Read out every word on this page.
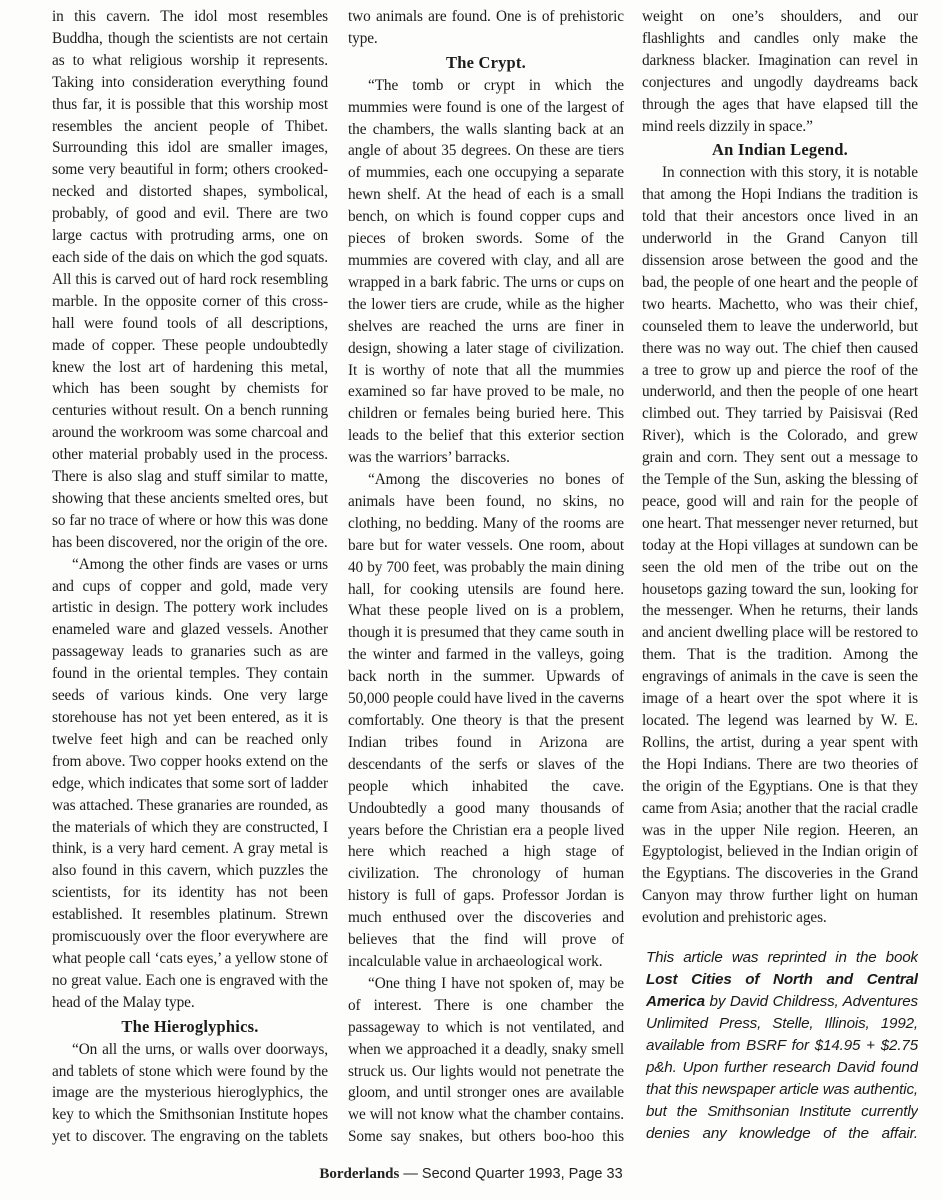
in this cavern. The idol most resembles Buddha, though the scientists are not certain as to what religious worship it represents. Taking into consideration everything found thus far, it is possible that this worship most resembles the ancient people of Thibet. Surrounding this idol are smaller images, some very beautiful in form; others crooked-necked and distorted shapes, symbolical, probably, of good and evil. There are two large cactus with protruding arms, one on each side of the dais on which the god squats. All this is carved out of hard rock resembling marble. In the opposite corner of this cross-hall were found tools of all descriptions, made of copper. These people undoubtedly knew the lost art of hardening this metal, which has been sought by chemists for centuries without result. On a bench running around the workroom was some charcoal and other material probably used in the process. There is also slag and stuff similar to matte, showing that these ancients smelted ores, but so far no trace of where or how this was done has been discovered, nor the origin of the ore.

“Among the other finds are vases or urns and cups of copper and gold, made very artistic in design. The pottery work includes enameled ware and glazed vessels. Another passageway leads to granaries such as are found in the oriental temples. They contain seeds of various kinds. One very large storehouse has not yet been entered, as it is twelve feet high and can be reached only from above. Two copper hooks extend on the edge, which indicates that some sort of ladder was attached. These granaries are rounded, as the materials of which they are constructed, I think, is a very hard cement. A gray metal is also found in this cavern, which puzzles the scientists, for its identity has not been established. It resembles platinum. Strewn promiscuously over the floor everywhere are what people call ‘cats eyes,’ a yellow stone of no great value. Each one is engraved with the head of the Malay type.

The Hieroglyphics.

“On all the urns, or walls over doorways, and tablets of stone which were found by the image are the mysterious hieroglyphics, the key to which the Smithsonian Institute hopes yet to discover. The engraving on the tablets

two animals are found. One is of prehistoric type.

The Crypt.

“The tomb or crypt in which the mummies were found is one of the largest of the chambers, the walls slanting back at an angle of about 35 degrees. On these are tiers of mummies, each one occupying a separate hewn shelf. At the head of each is a small bench, on which is found copper cups and pieces of broken swords. Some of the mummies are covered with clay, and all are wrapped in a bark fabric. The urns or cups on the lower tiers are crude, while as the higher shelves are reached the urns are finer in design, showing a later stage of civilization. It is worthy of note that all the mummies examined so far have proved to be male, no children or females being buried here. This leads to the belief that this exterior section was the warriors’ barracks.

“Among the discoveries no bones of animals have been found, no skins, no clothing, no bedding. Many of the rooms are bare but for water vessels. One room, about 40 by 700 feet, was probably the main dining hall, for cooking utensils are found here. What these people lived on is a problem, though it is presumed that they came south in the winter and farmed in the valleys, going back north in the summer. Upwards of 50,000 people could have lived in the caverns comfortably. One theory is that the present Indian tribes found in Arizona are descendants of the serfs or slaves of the people which inhabited the cave. Undoubtedly a good many thousands of years before the Christian era a people lived here which reached a high stage of civilization. The chronology of human history is full of gaps. Professor Jordan is much enthused over the discoveries and believes that the find will prove of incalculable value in archaeological work.

“One thing I have not spoken of, may be of interest. There is one chamber the passageway to which is not ventilated, and when we approached it a deadly, snaky smell struck us. Our lights would not penetrate the gloom, and until stronger ones are available we will not know what the chamber contains. Some say snakes, but others boo-hoo this

weight on one’s shoulders, and our flashlights and candles only make the darkness blacker. Imagination can revel in conjectures and ungodly daydreams back through the ages that have elapsed till the mind reels dizzily in space.”

An Indian Legend.

In connection with this story, it is notable that among the Hopi Indians the tradition is told that their ancestors once lived in an underworld in the Grand Canyon till dissension arose between the good and the bad, the people of one heart and the people of two hearts. Machetto, who was their chief, counseled them to leave the underworld, but there was no way out. The chief then caused a tree to grow up and pierce the roof of the underworld, and then the people of one heart climbed out. They tarried by Paisisvai (Red River), which is the Colorado, and grew grain and corn. They sent out a message to the Temple of the Sun, asking the blessing of peace, good will and rain for the people of one heart. That messenger never returned, but today at the Hopi villages at sundown can be seen the old men of the tribe out on the housetops gazing toward the sun, looking for the messenger. When he returns, their lands and ancient dwelling place will be restored to them. That is the tradition. Among the engravings of animals in the cave is seen the image of a heart over the spot where it is located. The legend was learned by W. E. Rollins, the artist, during a year spent with the Hopi Indians. There are two theories of the origin of the Egyptians. One is that they came from Asia; another that the racial cradle was in the upper Nile region. Heeren, an Egyptologist, believed in the Indian origin of the Egyptians. The discoveries in the Grand Canyon may throw further light on human evolution and prehistoric ages.

This article was reprinted in the book Lost Cities of North and Central America by David Childress, Adventures Unlimited Press, Stelle, Illinois, 1992, available from BSRF for $14.95 + $2.75 p&h. Upon further research David found that this newspaper article was authentic, but the Smithsonian Institute currently denies any knowledge of the affair.
Borderlands — Second Quarter 1993, Page 33
